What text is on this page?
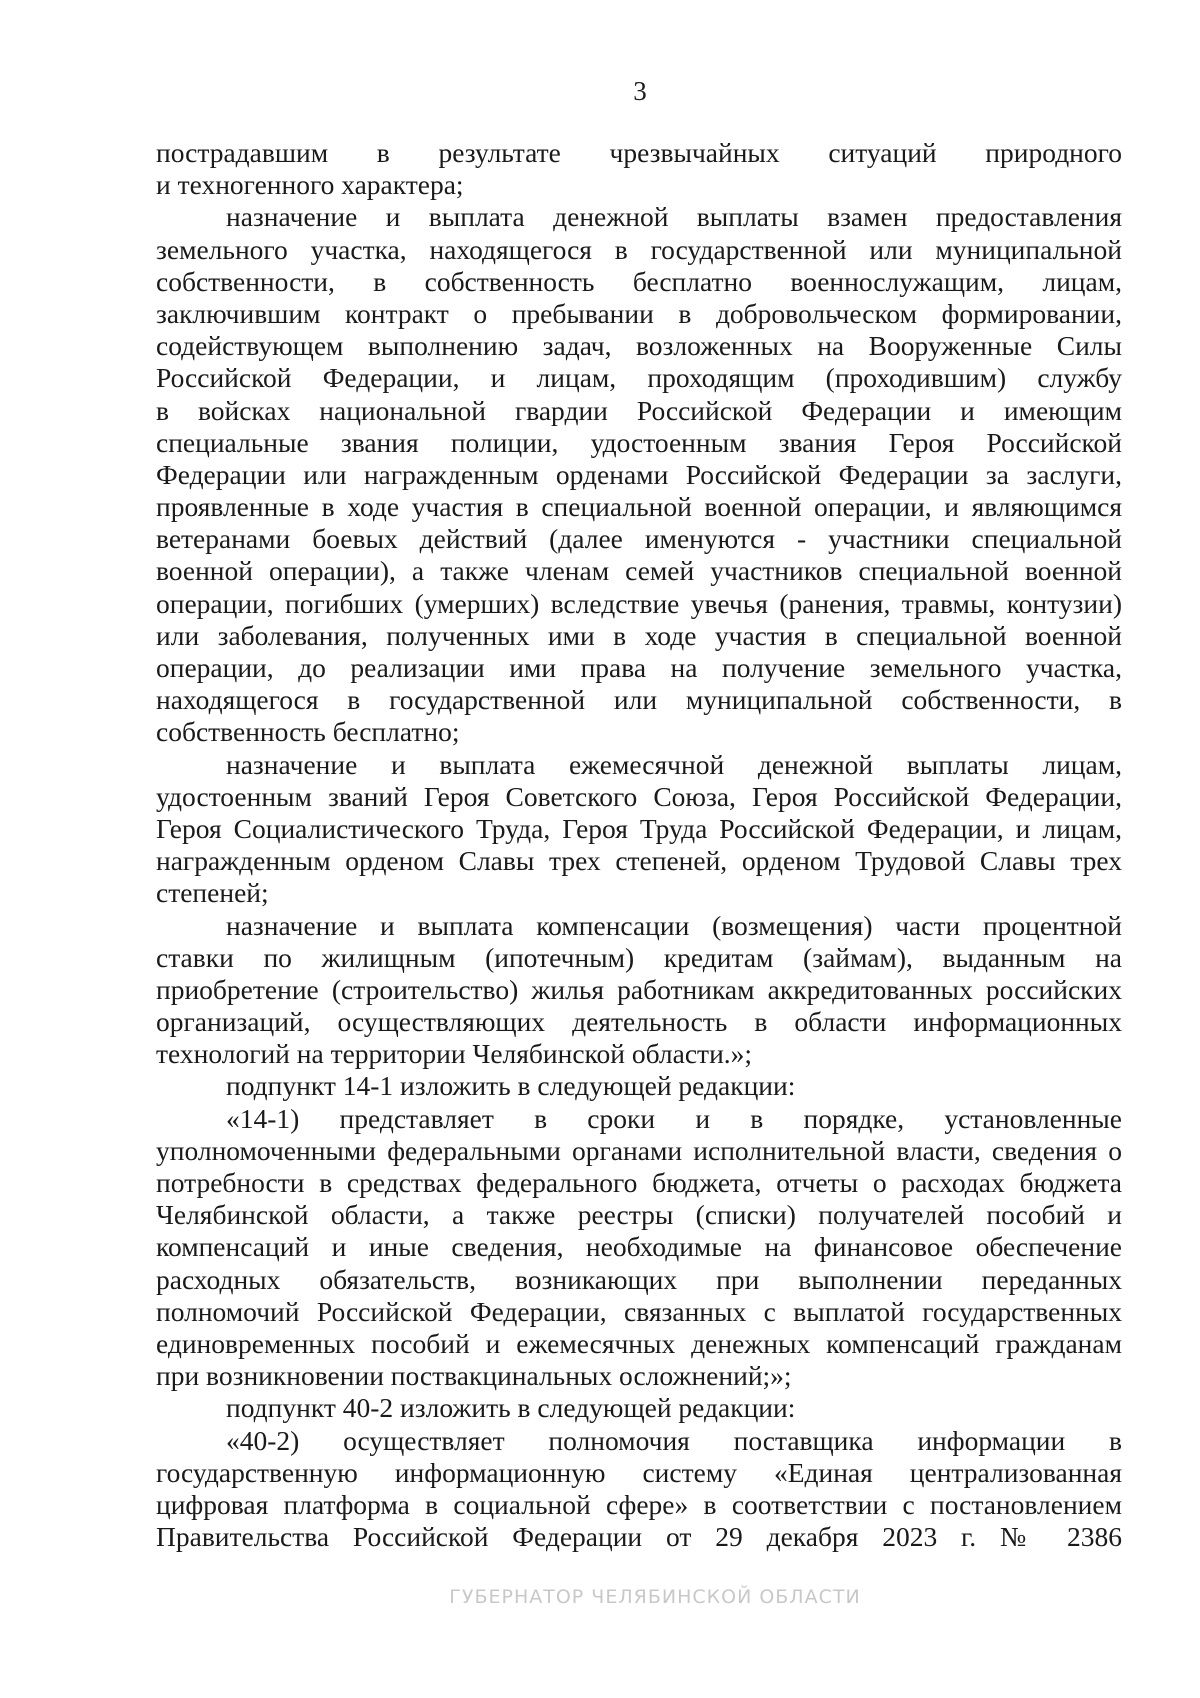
3
пострадавшим в результате чрезвычайных ситуаций природного
и техногенного характера;
назначение и выплата денежной выплаты взамен предоставления
земельного участка, находящегося в государственной или муниципальной
собственности, в собственность бесплатно военнослужащим, лицам,
заключившим контракт о пребывании в добровольческом формировании,
содействующем выполнению задач, возложенных на Вооруженные Силы
Российской Федерации, и лицам, проходящим (проходившим) службу
в войсках национальной гвардии Российской Федерации и имеющим
специальные звания полиции, удостоенным звания Героя Российской
Федерации или награжденным орденами Российской Федерации за заслуги,
проявленные в ходе участия в специальной военной операции, и являющимся
ветеранами боевых действий (далее именуются - участники специальной
военной операции), а также членам семей участников специальной военной
операции, погибших (умерших) вследствие увечья (ранения, травмы, контузии)
или заболевания, полученных ими в ходе участия в специальной военной
операции, до реализации ими права на получение земельного участка,
находящегося в государственной или муниципальной собственности, в
собственность бесплатно;
назначение и выплата ежемесячной денежной выплаты лицам,
удостоенным званий Героя Советского Союза, Героя Российской Федерации,
Героя Социалистического Труда, Героя Труда Российской Федерации, и лицам,
награжденным орденом Славы трех степеней, орденом Трудовой Славы трех
степеней;
назначение и выплата компенсации (возмещения) части процентной
ставки по жилищным (ипотечным) кредитам (займам), выданным на
приобретение (строительство) жилья работникам аккредитованных российских
организаций, осуществляющих деятельность в области информационных
технологий на территории Челябинской области.»;
подпункт 14-1 изложить в следующей редакции:
«14-1) представляет в сроки и в порядке, установленные
уполномоченными федеральными органами исполнительной власти, сведения о
потребности в средствах федерального бюджета, отчеты о расходах бюджета
Челябинской области, а также реестры (списки) получателей пособий и
компенсаций и иные сведения, необходимые на финансовое обеспечение
расходных обязательств, возникающих при выполнении переданных
полномочий Российской Федерации, связанных с выплатой государственных
единовременных пособий и ежемесячных денежных компенсаций гражданам
при возникновении поствакцинальных осложнений;»;
подпункт 40-2 изложить в следующей редакции:
«40-2) осуществляет полномочия поставщика информации в
государственную информационную систему «Единая централизованная
цифровая платформа в социальной сфере» в соответствии с постановлением
Правительства Российской Федерации от 29 декабря 2023 г. № 2386
ГУБЕРНАТОР ЧЕЛЯБИНСКОЙ ОБЛАСТИ
